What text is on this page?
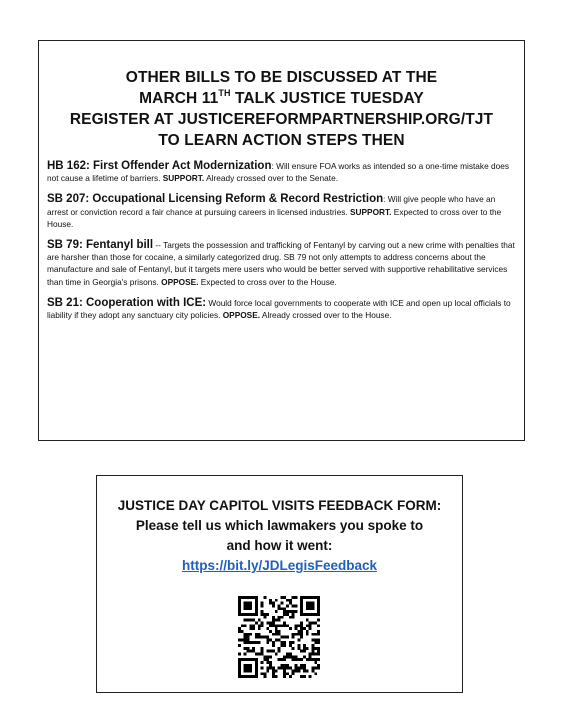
OTHER BILLS TO BE DISCUSSED AT THE
MARCH 11TH TALK JUSTICE TUESDAY
REGISTER AT JUSTICEREFORMPARTNERSHIP.ORG/TJT
TO LEARN ACTION STEPS THEN
HB 162: First Offender Act Modernization: Will ensure FOA works as intended so a one-time mistake does not cause a lifetime of barriers. SUPPORT. Already crossed over to the Senate.
SB 207: Occupational Licensing Reform & Record Restriction: Will give people who have an arrest or conviction record a fair chance at pursuing careers in licensed industries. SUPPORT. Expected to cross over to the House.
SB 79: Fentanyl bill -- Targets the possession and trafficking of Fentanyl by carving out a new crime with penalties that are harsher than those for cocaine, a similarly categorized drug. SB 79 not only attempts to address concerns about the manufacture and sale of Fentanyl, but it targets mere users who would be better served with supportive rehabilitative services than time in Georgia's prisons. OPPOSE. Expected to cross over to the House.
SB 21: Cooperation with ICE: Would force local governments to cooperate with ICE and open up local officials to liability if they adopt any sanctuary city policies. OPPOSE. Already crossed over to the House.
JUSTICE DAY CAPITOL VISITS FEEDBACK FORM:
Please tell us which lawmakers you spoke to
and how it went:
https://bit.ly/JDLegisFeedback
